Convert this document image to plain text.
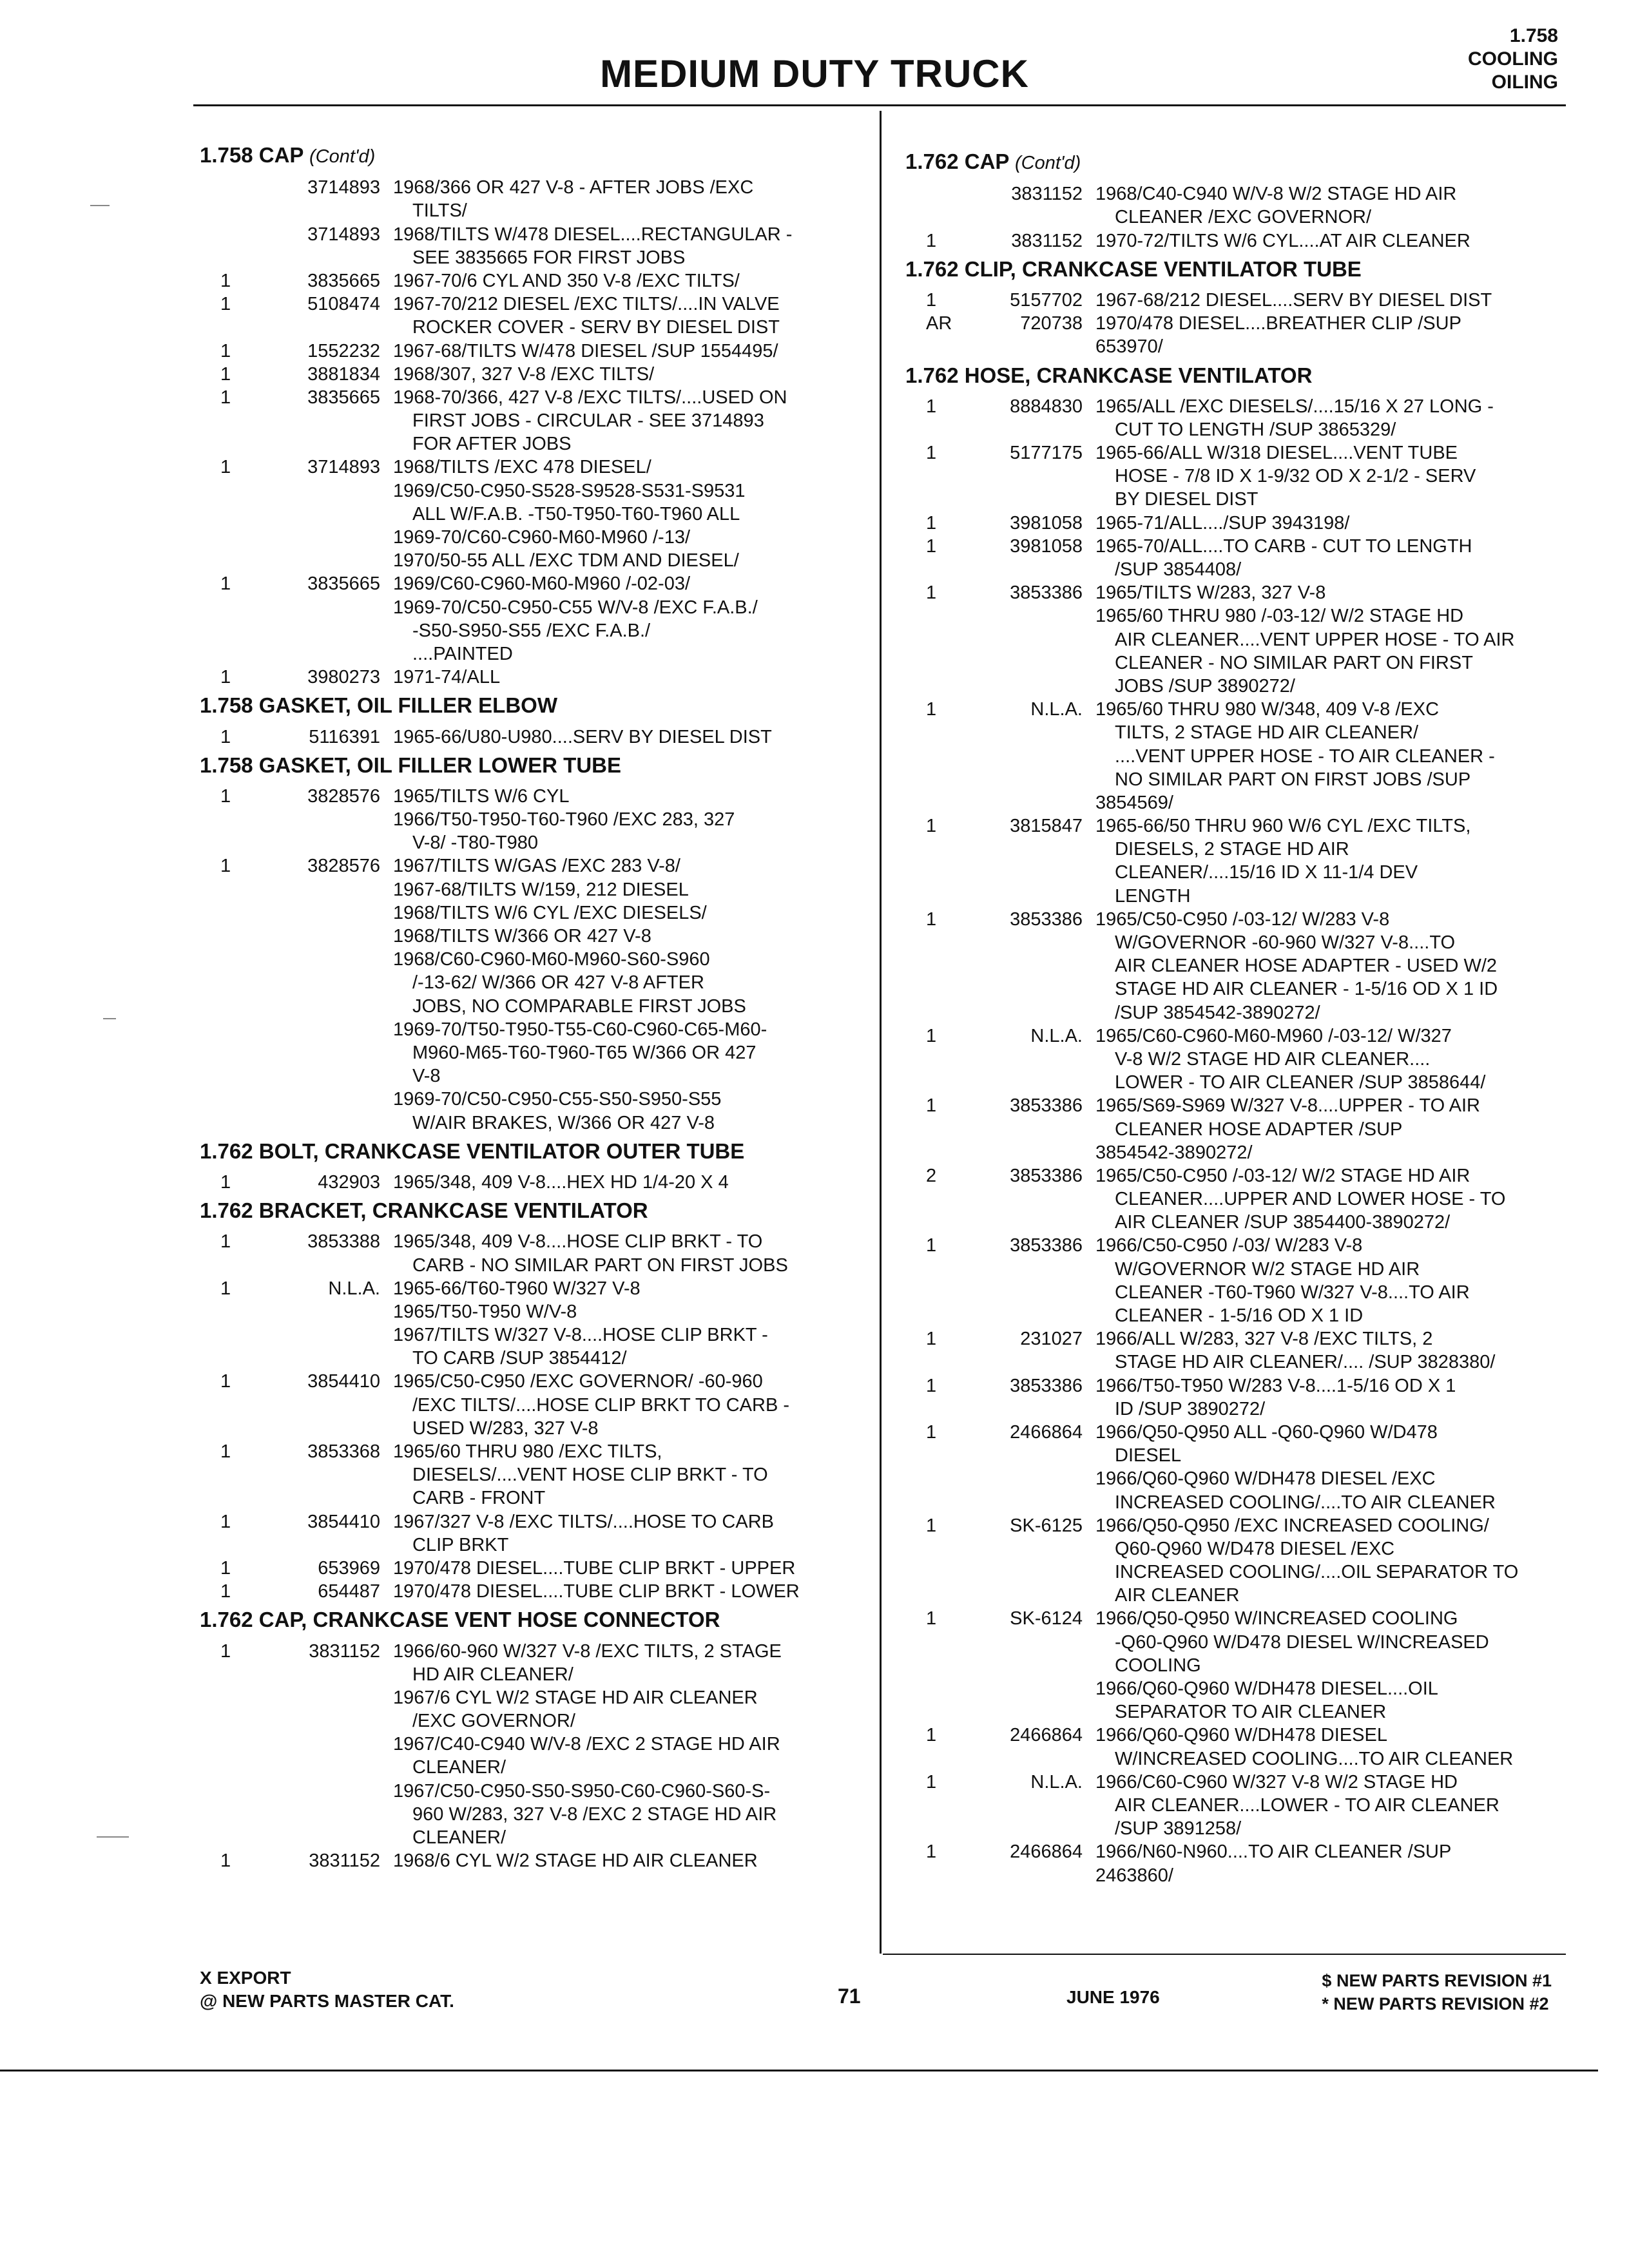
MEDIUM DUTY TRUCK
1.758
COOLING
OILING
1.758 CAP (Cont'd)
3714893 1968/366 OR 427 V-8 - AFTER JOBS /EXC
TILTS/
3714893 1968/TILTS W/478 DIESEL....RECTANGULAR -
SEE 3835665 FOR FIRST JOBS
1	3835665 1967-70/6 CYL AND 350 V-8 /EXC TILTS/
1	5108474 1967-70/212 DIESEL /EXC TILTS/....IN VALVE
ROCKER COVER - SERV BY DIESEL DIST
1	1552232 1967-68/TILTS W/478 DIESEL /SUP 1554495/
1	3881834 1968/307, 327 V-8 /EXC TILTS/
1	3835665 1968-70/366, 427 V-8 /EXC TILTS/....USED ON
FIRST JOBS - CIRCULAR - SEE 3714893
FOR AFTER JOBS
1	3714893 1968/TILTS /EXC 478 DIESEL/
1969/C50-C950-S528-S9528-S531-S9531
ALL W/F.A.B. -T50-T950-T60-T960 ALL
1969-70/C60-C960-M60-M960 /-13/
1970/50-55 ALL /EXC TDM AND DIESEL/
1	3835665 1969/C60-C960-M60-M960 /-02-03/
1969-70/C50-C950-C55 W/V-8 /EXC F.A.B./
-S50-S950-S55 /EXC F.A.B./
....PAINTED
1	3980273 1971-74/ALL
1.758 GASKET, OIL FILLER ELBOW
1	5116391 1965-66/U80-U980....SERV BY DIESEL DIST
1.758 GASKET, OIL FILLER LOWER TUBE
1	3828576 1965/TILTS W/6 CYL
1966/T50-T950-T60-T960 /EXC 283, 327
V-8/ -T80-T980
1	3828576 1967/TILTS W/GAS /EXC 283 V-8/
1967-68/TILTS W/159, 212 DIESEL
1968/TILTS W/6 CYL /EXC DIESELS/
1968/TILTS W/366 OR 427 V-8
1968/C60-C960-M60-M960-S60-S960
/-13-62/ W/366 OR 427 V-8 AFTER
JOBS, NO COMPARABLE FIRST JOBS
1969-70/T50-T950-T55-C60-C960-C65-M60-
M960-M65-T60-T960-T65 W/366 OR 427
V-8
1969-70/C50-C950-C55-S50-S950-S55
W/AIR BRAKES, W/366 OR 427 V-8
1.762 BOLT, CRANKCASE VENTILATOR OUTER TUBE
1	432903 1965/348, 409 V-8....HEX HD 1/4-20 X 4
1.762 BRACKET, CRANKCASE VENTILATOR
1	3853388 1965/348, 409 V-8....HOSE CLIP BRKT - TO
CARB - NO SIMILAR PART ON FIRST JOBS
1	N.L.A. 1965-66/T60-T960 W/327 V-8
1965/T50-T950 W/V-8
1967/TILTS W/327 V-8....HOSE CLIP BRKT -
TO CARB /SUP 3854412/
1	3854410 1965/C50-C950 /EXC GOVERNOR/ -60-960
/EXC TILTS/....HOSE CLIP BRKT TO CARB -
USED W/283, 327 V-8
1	3853368 1965/60 THRU 980 /EXC TILTS,
DIESELS/....VENT HOSE CLIP BRKT - TO
CARB - FRONT
1	3854410 1967/327 V-8 /EXC TILTS/....HOSE TO CARB
CLIP BRKT
1	653969 1970/478 DIESEL....TUBE CLIP BRKT - UPPER
1	654487 1970/478 DIESEL....TUBE CLIP BRKT - LOWER
1.762 CAP, CRANKCASE VENT HOSE CONNECTOR
1	3831152 1966/60-960 W/327 V-8 /EXC TILTS, 2 STAGE
HD AIR CLEANER/
1967/6 CYL W/2 STAGE HD AIR CLEANER
/EXC GOVERNOR/
1967/C40-C940 W/V-8 /EXC 2 STAGE HD AIR
CLEANER/
1967/C50-C950-S50-S950-C60-C960-S60-S-
960 W/283, 327 V-8 /EXC 2 STAGE HD AIR
CLEANER/
1	3831152 1968/6 CYL W/2 STAGE HD AIR CLEANER
1.762 CAP (Cont'd)
3831152 1968/C40-C940 W/V-8 W/2 STAGE HD AIR
CLEANER /EXC GOVERNOR/
1	3831152 1970-72/TILTS W/6 CYL....AT AIR CLEANER
1.762 CLIP, CRANKCASE VENTILATOR TUBE
1	5157702 1967-68/212 DIESEL....SERV BY DIESEL DIST
AR	720738 1970/478 DIESEL....BREATHER CLIP /SUP
653970/
1.762 HOSE, CRANKCASE VENTILATOR
1	8884830 1965/ALL /EXC DIESELS/....15/16 X 27 LONG -
CUT TO LENGTH /SUP 3865329/
1	5177175 1965-66/ALL W/318 DIESEL....VENT TUBE
HOSE - 7/8 ID X 1-9/32 OD X 2-1/2 - SERV
BY DIESEL DIST
1	3981058 1965-71/ALL..../SUP 3943198/
1	3981058 1965-70/ALL....TO CARB - CUT TO LENGTH
/SUP 3854408/
1	3853386 1965/TILTS W/283, 327 V-8
1965/60 THRU 980 /-03-12/ W/2 STAGE HD
AIR CLEANER....VENT UPPER HOSE - TO AIR
CLEANER - NO SIMILAR PART ON FIRST
JOBS /SUP 3890272/
1	N.L.A. 1965/60 THRU 980 W/348, 409 V-8 /EXC
TILTS, 2 STAGE HD AIR CLEANER/
....VENT UPPER HOSE - TO AIR CLEANER -
NO SIMILAR PART ON FIRST JOBS /SUP
3854569/
1	3815847 1965-66/50 THRU 960 W/6 CYL /EXC TILTS,
DIESELS, 2 STAGE HD AIR
CLEANER/....15/16 ID X 11-1/4 DEV
LENGTH
1	3853386 1965/C50-C950 /-03-12/ W/283 V-8
W/GOVERNOR -60-960 W/327 V-8....TO
AIR CLEANER HOSE ADAPTER - USED W/2
STAGE HD AIR CLEANER - 1-5/16 OD X 1 ID
/SUP 3854542-3890272/
1	N.L.A. 1965/C60-C960-M60-M960 /-03-12/ W/327
V-8 W/2 STAGE HD AIR CLEANER....
LOWER - TO AIR CLEANER /SUP 3858644/
1	3853386 1965/S69-S969 W/327 V-8....UPPER - TO AIR
CLEANER HOSE ADAPTER /SUP
3854542-3890272/
2	3853386 1965/C50-C950 /-03-12/ W/2 STAGE HD AIR
CLEANER....UPPER AND LOWER HOSE - TO
AIR CLEANER /SUP 3854400-3890272/
1	3853386 1966/C50-C950 /-03/ W/283 V-8
W/GOVERNOR W/2 STAGE HD AIR
CLEANER -T60-T960 W/327 V-8....TO AIR
CLEANER - 1-5/16 OD X 1 ID
1	231027 1966/ALL W/283, 327 V-8 /EXC TILTS, 2
STAGE HD AIR CLEANER/.... /SUP 3828380/
1	3853386 1966/T50-T950 W/283 V-8....1-5/16 OD X 1
ID /SUP 3890272/
1	2466864 1966/Q50-Q950 ALL -Q60-Q960 W/D478
DIESEL
1966/Q60-Q960 W/DH478 DIESEL /EXC
INCREASED COOLING/....TO AIR CLEANER
1	SK-6125 1966/Q50-Q950 /EXC INCREASED COOLING/
Q60-Q960 W/D478 DIESEL /EXC
INCREASED COOLING/....OIL SEPARATOR TO
AIR CLEANER
1	SK-6124 1966/Q50-Q950 W/INCREASED COOLING
-Q60-Q960 W/D478 DIESEL W/INCREASED
COOLING
1966/Q60-Q960 W/DH478 DIESEL....OIL
SEPARATOR TO AIR CLEANER
1	2466864 1966/Q60-Q960 W/DH478 DIESEL
W/INCREASED COOLING....TO AIR CLEANER
1	N.L.A. 1966/C60-C960 W/327 V-8 W/2 STAGE HD
AIR CLEANER....LOWER - TO AIR CLEANER
/SUP 3891258/
1	2466864 1966/N60-N960....TO AIR CLEANER /SUP
2463860/
X EXPORT
@ NEW PARTS MASTER CAT.	71	JUNE 1976
$ NEW PARTS REVISION #1
* NEW PARTS REVISION #2
